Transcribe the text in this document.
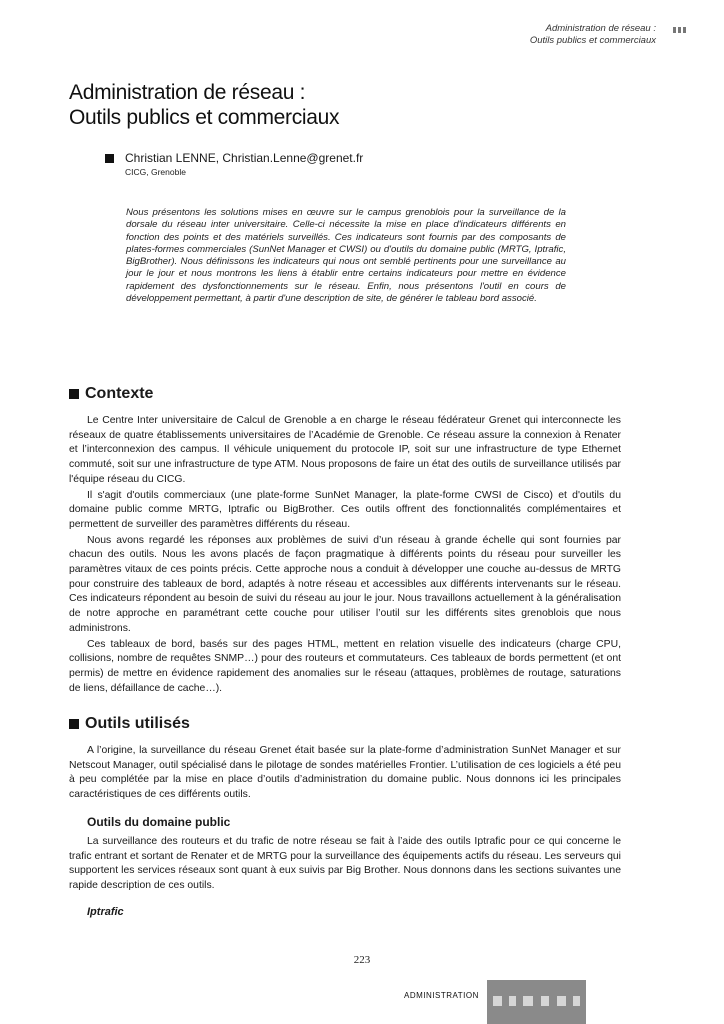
Administration de réseau :
Outils publics et commerciaux
Administration de réseau :
Outils publics et commerciaux
Christian LENNE, Christian.Lenne@grenet.fr
CICG, Grenoble

Nous présentons les solutions mises en œuvre sur le campus grenoblois pour la surveillance de la dorsale du réseau inter universitaire. Celle-ci nécessite la mise en place d'indicateurs différents en fonction des points et des matériels surveillés. Ces indicateurs sont fournis par des composants de plates-formes commerciales (SunNet Manager et CWSI) ou d'outils du domaine public (MRTG, Iptrafic, BigBrother). Nous définissons les indicateurs qui nous ont semblé pertinents pour une surveillance au jour le jour et nous montrons les liens à établir entre certains indicateurs pour mettre en évidence rapidement des dysfonctionnements sur le réseau. Enfin, nous présentons l'outil en cours de développement permettant, à partir d'une description de site, de générer le tableau bord associé.

Contexte

Le Centre Inter universitaire de Calcul de Grenoble a en charge le réseau fédérateur Grenet qui interconnecte les réseaux de quatre établissements universitaires de l’Académie de Grenoble. Ce réseau assure la connexion à Renater et l’interconnexion des campus. Il véhicule uniquement du protocole IP, soit sur une infrastructure de type Ethernet commuté, soit sur une infrastructure de type ATM. Nous proposons de faire un état des outils de surveillance utilisés par l'équipe réseau du CICG.

Il s'agit d'outils commerciaux (une plate-forme SunNet Manager, la plate-forme CWSI de Cisco) et d'outils du domaine public comme MRTG, Iptrafic ou BigBrother. Ces outils offrent des fonctionnalités complémentaires et permettent de surveiller des paramètres différents du réseau.

Nous avons regardé les réponses aux problèmes de suivi d’un réseau à grande échelle qui sont fournies par chacun des outils. Nous les avons placés de façon pragmatique à différents points du réseau pour surveiller les paramètres vitaux de ces points précis. Cette approche nous a conduit à développer une couche au-dessus de MRTG pour construire des tableaux de bord, adaptés à notre réseau et accessibles aux différents intervenants sur le réseau. Ces indicateurs répondent au besoin de suivi du réseau au jour le jour. Nous travaillons actuellement à la généralisation de notre approche en paramétrant cette couche pour utiliser l’outil sur les différents sites grenoblois que nous administrons.

Ces tableaux de bord, basés sur des pages HTML, mettent en relation visuelle des indicateurs (charge CPU, collisions, nombre de requêtes SNMP…) pour des routeurs et commutateurs. Ces tableaux de bords permettent (et ont permis) de mettre en évidence rapidement des anomalies sur le réseau (attaques, problèmes de routage, saturations de liens, défaillance de cache…).

Outils utilisés

A l’origine, la surveillance du réseau Grenet était basée sur la plate-forme d’administration SunNet Manager et sur Netscout Manager, outil spécialisé dans le pilotage de sondes matérielles Frontier. L’utilisation de ces logiciels a été peu à peu complétée par la mise en place d’outils d’administration du domaine public. Nous donnons ici les principales caractéristiques de ces différents outils.

Outils du domaine public

La surveillance des routeurs et du trafic de notre réseau se fait à l’aide des outils Iptrafic pour ce qui concerne le trafic entrant et sortant de Renater et de MRTG pour la surveillance des équipements actifs du réseau. Les serveurs qui supportent les services réseaux sont quant à eux suivis par Big Brother. Nous donnons dans les sections suivantes une rapide description de ces outils.

Iptrafic
223
ADMINISTRATION
